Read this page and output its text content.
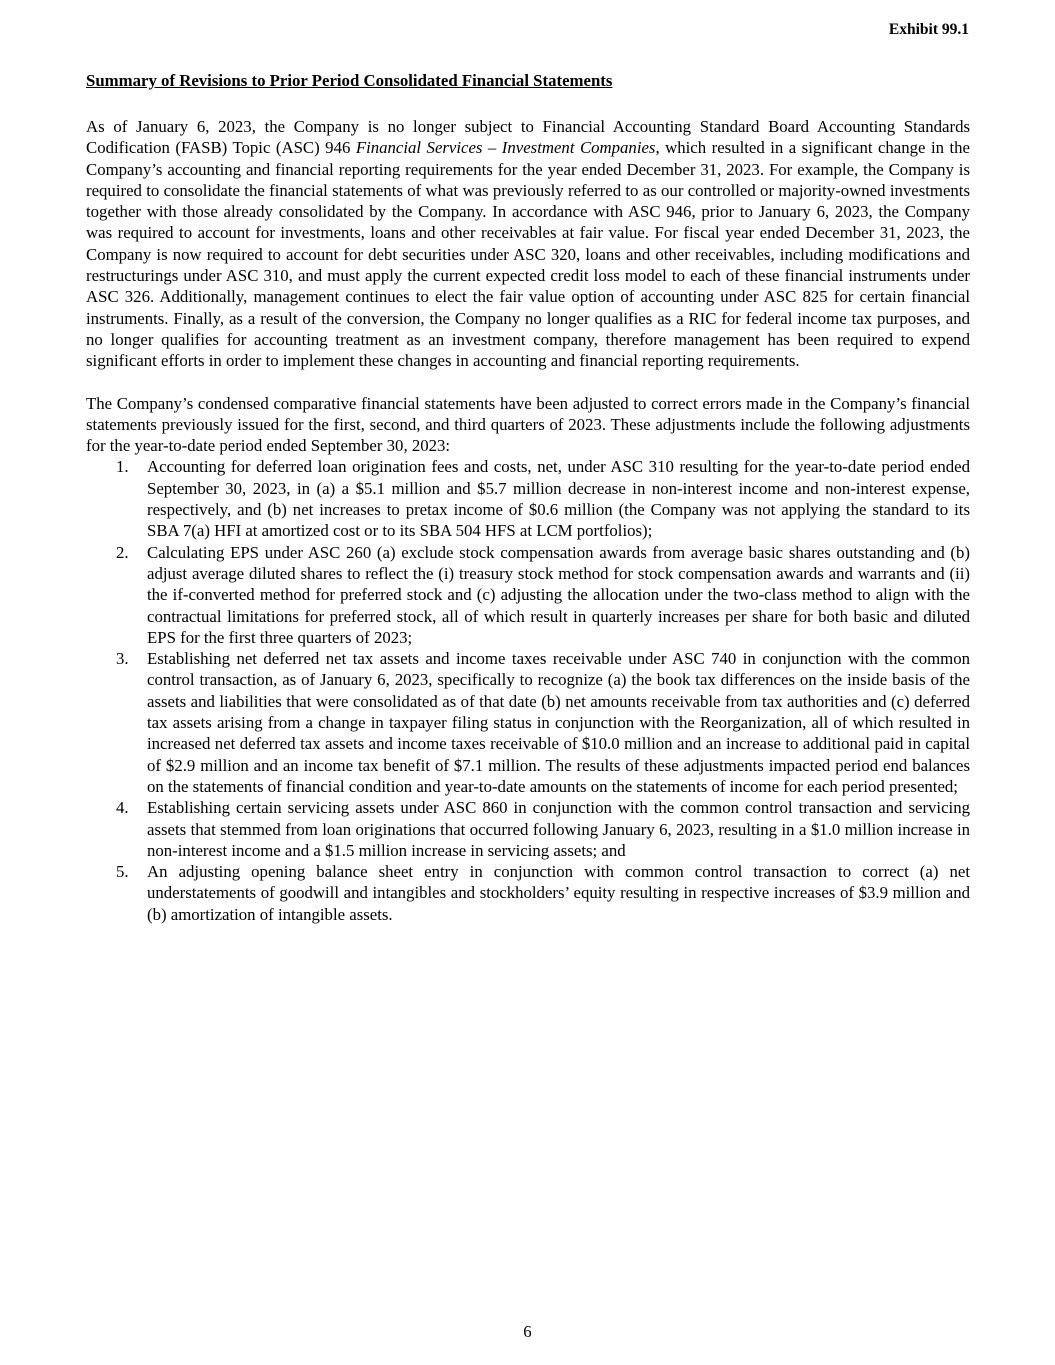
Exhibit 99.1
Summary of Revisions to Prior Period Consolidated Financial Statements

As of January 6, 2023, the Company is no longer subject to Financial Accounting Standard Board Accounting Standards Codification (FASB) Topic (ASC) 946 Financial Services – Investment Companies, which resulted in a significant change in the Company’s accounting and financial reporting requirements for the year ended December 31, 2023. For example, the Company is required to consolidate the financial statements of what was previously referred to as our controlled or majority-owned investments together with those already consolidated by the Company. In accordance with ASC 946, prior to January 6, 2023, the Company was required to account for investments, loans and other receivables at fair value. For fiscal year ended December 31, 2023, the Company is now required to account for debt securities under ASC 320, loans and other receivables, including modifications and restructurings under ASC 310, and must apply the current expected credit loss model to each of these financial instruments under ASC 326. Additionally, management continues to elect the fair value option of accounting under ASC 825 for certain financial instruments. Finally, as a result of the conversion, the Company no longer qualifies as a RIC for federal income tax purposes, and no longer qualifies for accounting treatment as an investment company, therefore management has been required to expend significant efforts in order to implement these changes in accounting and financial reporting requirements.

The Company’s condensed comparative financial statements have been adjusted to correct errors made in the Company’s financial statements previously issued for the first, second, and third quarters of 2023. These adjustments include the following adjustments for the year-to-date period ended September 30, 2023:

1. Accounting for deferred loan origination fees and costs, net, under ASC 310 resulting for the year-to-date period ended September 30, 2023, in (a) a $5.1 million and $5.7 million decrease in non-interest income and non-interest expense, respectively, and (b) net increases to pretax income of $0.6 million (the Company was not applying the standard to its SBA 7(a) HFI at amortized cost or to its SBA 504 HFS at LCM portfolios);
2. Calculating EPS under ASC 260 (a) exclude stock compensation awards from average basic shares outstanding and (b) adjust average diluted shares to reflect the (i) treasury stock method for stock compensation awards and warrants and (ii) the if-converted method for preferred stock and (c) adjusting the allocation under the two-class method to align with the contractual limitations for preferred stock, all of which result in quarterly increases per share for both basic and diluted EPS for the first three quarters of 2023;
3. Establishing net deferred net tax assets and income taxes receivable under ASC 740 in conjunction with the common control transaction, as of January 6, 2023, specifically to recognize (a) the book tax differences on the inside basis of the assets and liabilities that were consolidated as of that date (b) net amounts receivable from tax authorities and (c) deferred tax assets arising from a change in taxpayer filing status in conjunction with the Reorganization, all of which resulted in increased net deferred tax assets and income taxes receivable of $10.0 million and an increase to additional paid in capital of $2.9 million and an income tax benefit of $7.1 million. The results of these adjustments impacted period end balances on the statements of financial condition and year-to-date amounts on the statements of income for each period presented;
4. Establishing certain servicing assets under ASC 860 in conjunction with the common control transaction and servicing assets that stemmed from loan originations that occurred following January 6, 2023, resulting in a $1.0 million increase in non-interest income and a $1.5 million increase in servicing assets; and
5. An adjusting opening balance sheet entry in conjunction with common control transaction to correct (a) net understatements of goodwill and intangibles and stockholders’ equity resulting in respective increases of $3.9 million and (b) amortization of intangible assets.
6
